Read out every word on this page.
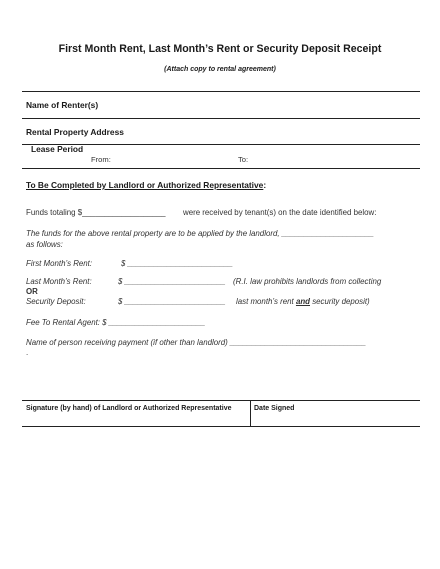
First Month Rent, Last Month’s Rent or Security Deposit Receipt
(Attach copy to rental agreement)
Name of Renter(s)
Rental Property Address
Lease Period
From:	To:
To Be Completed by Landlord or Authorized Representative:
Funds totaling $___________________ were received by tenant(s) on the date identified below:
The funds for the above rental property are to be applied by the landlord, _____________________
as follows:
First Month’s Rent:	$ ________________________
Last Month’s Rent:	$ _______________________ (R.I. law prohibits landlords from collecting
OR
Security Deposit:	$ _______________________ last month’s rent and security deposit)
Fee To Rental Agent: $ ______________________
Name of person receiving payment (if other than landlord) _______________________________
.
Signature (by hand) of Landlord or Authorized Representative	Date Signed
